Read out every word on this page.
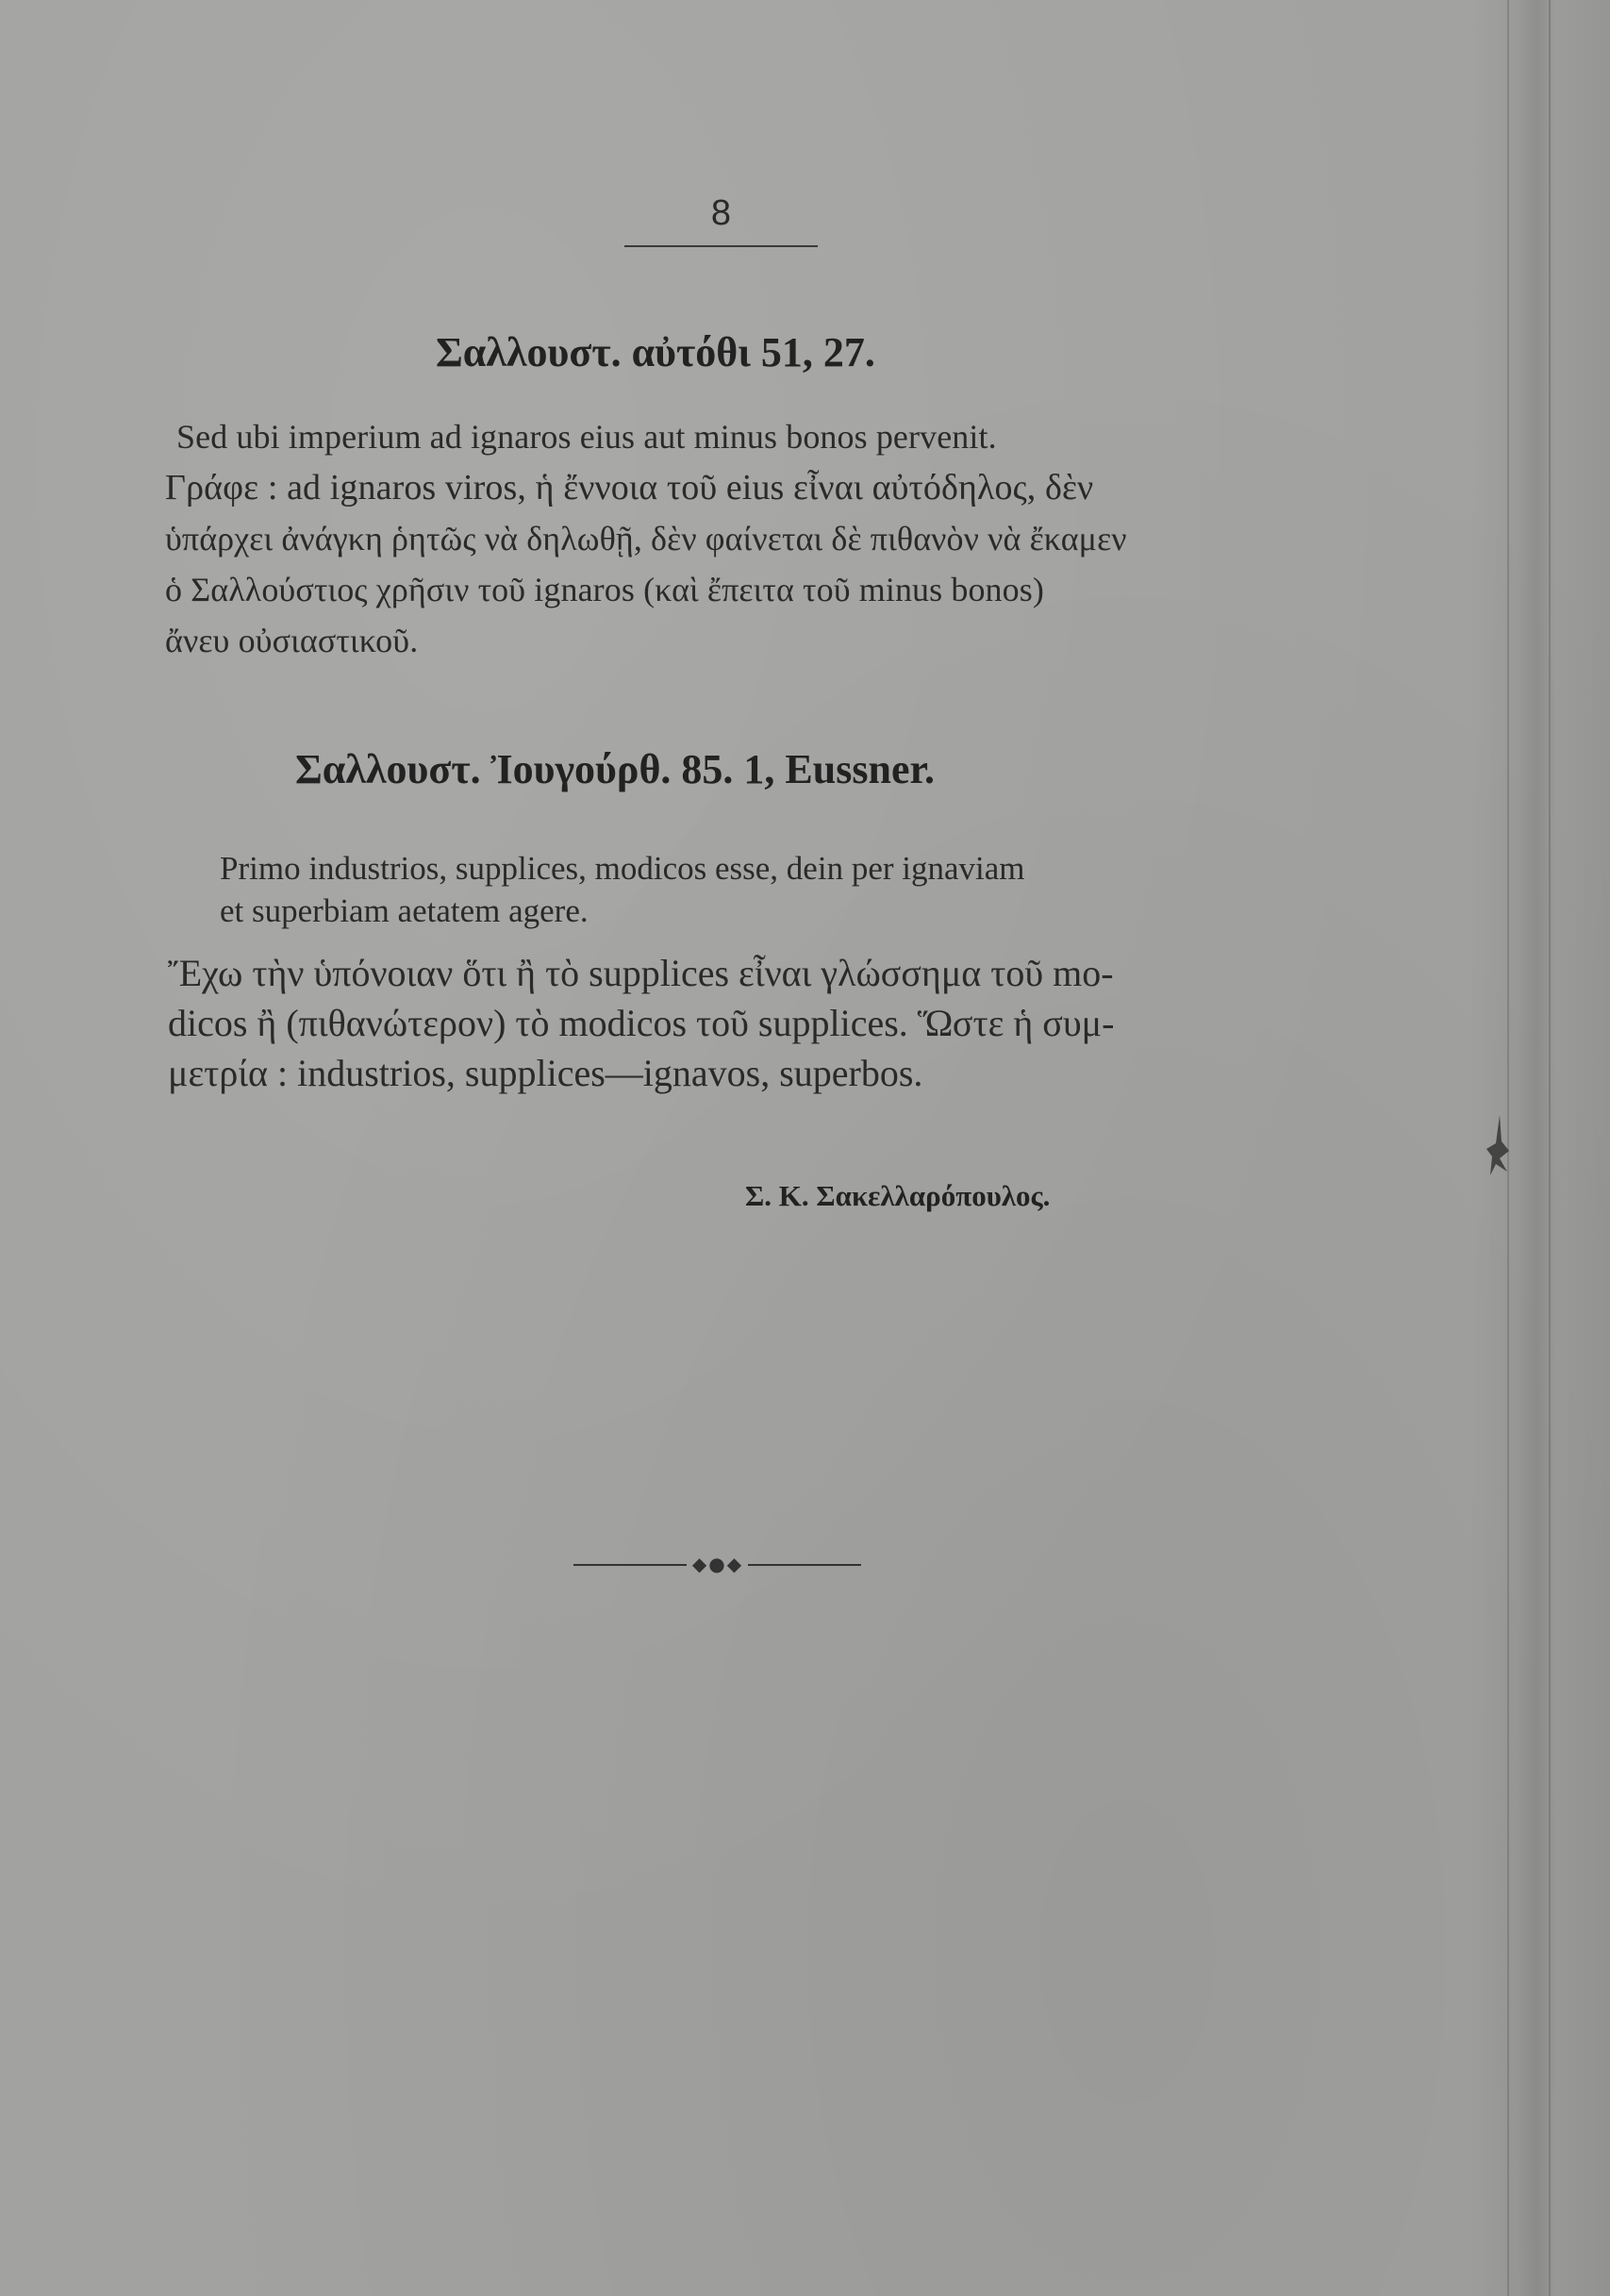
8
Σαλλουστ. αὐτόθι 51, 27.
Sed ubi imperium ad ignaros eius aut minus bonos pervenit.
Γράφε : ad ignaros viros, ἡ ἔννοια τοῦ eius εἶναι αὐτόδηλος, δὲν
ὑπάρχει ἀνάγκη ῥητῶς νὰ δηλωθῇ, δὲν φαίνεται δὲ πιθανὸν νὰ ἔκαμεν
ὁ Σαλλούστιος χρῆσιν τοῦ ignaros (καὶ ἔπειτα τοῦ minus bonos)
ἄνευ οὐσιαστικοῦ.
Σαλλουστ. Ἰουγούρθ. 85. 1, Eussner.
Primo industrios, supplices, modicos esse, dein per ignaviam
et superbiam aetatem agere.
Ἔχω τὴν ὑπόνοιαν ὅτι ἢ τὸ supplices εἶναι γλώσσημα τοῦ mo-
dicos ἢ (πιθανώτερον) τὸ modicos τοῦ supplices. Ὥστε ἡ συμ-
μετρία : industrios, supplices—ignavos, superbos.
Σ. Κ. Σακελλαρόπουλος.
◆●◆
